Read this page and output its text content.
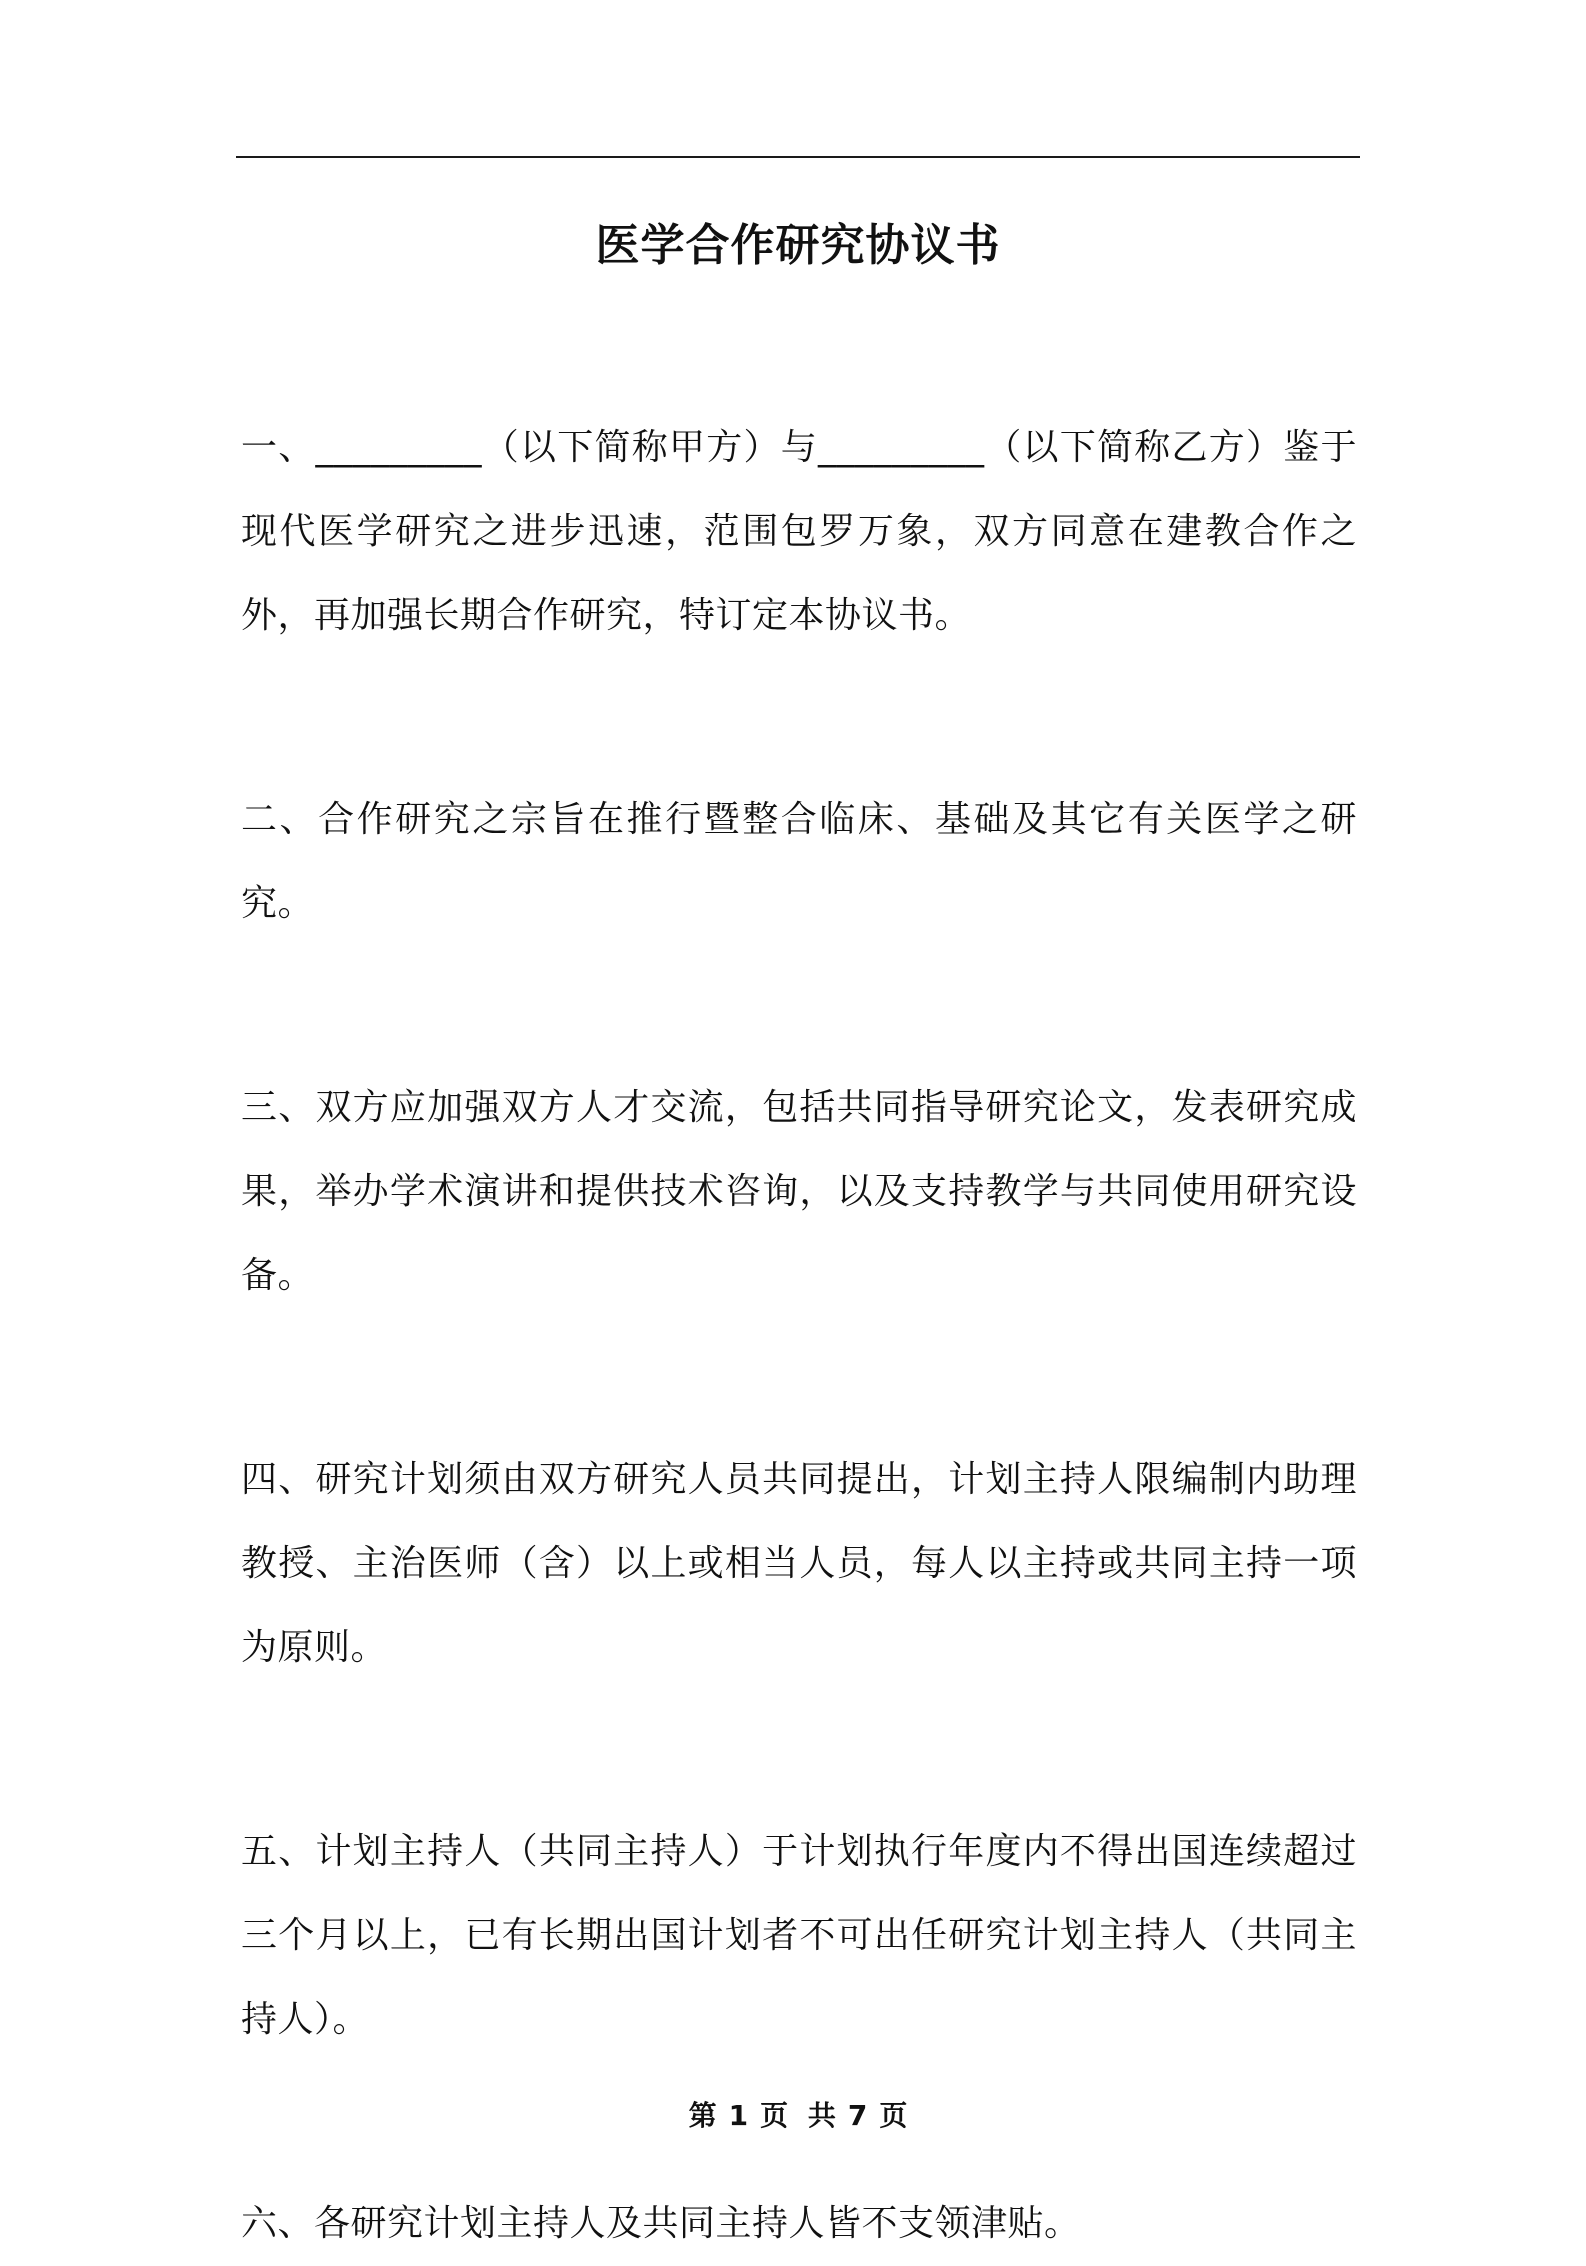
医学合作研究协议书

一、_________（以下简称甲方）与_________（以下简称乙方）鉴于现代医学研究之进步迅速，范围包罗万象，双方同意在建教合作之外，再加强长期合作研究，特订定本协议书。

二、合作研究之宗旨在推行暨整合临床、基础及其它有关医学之研究。

三、双方应加强双方人才交流，包括共同指导研究论文，发表研究成果，举办学术演讲和提供技术咨询，以及支持教学与共同使用研究设备。

四、研究计划须由双方研究人员共同提出，计划主持人限编制内助理教授、主治医师（含）以上或相当人员，每人以主持或共同主持一项为原则。

五、计划主持人（共同主持人）于计划执行年度内不得出国连续超过三个月以上，已有长期出国计划者不可出任研究计划主持人（共同主持人）。

六、各研究计划主持人及共同主持人皆不支领津贴。

第 1 页 共 7 页
